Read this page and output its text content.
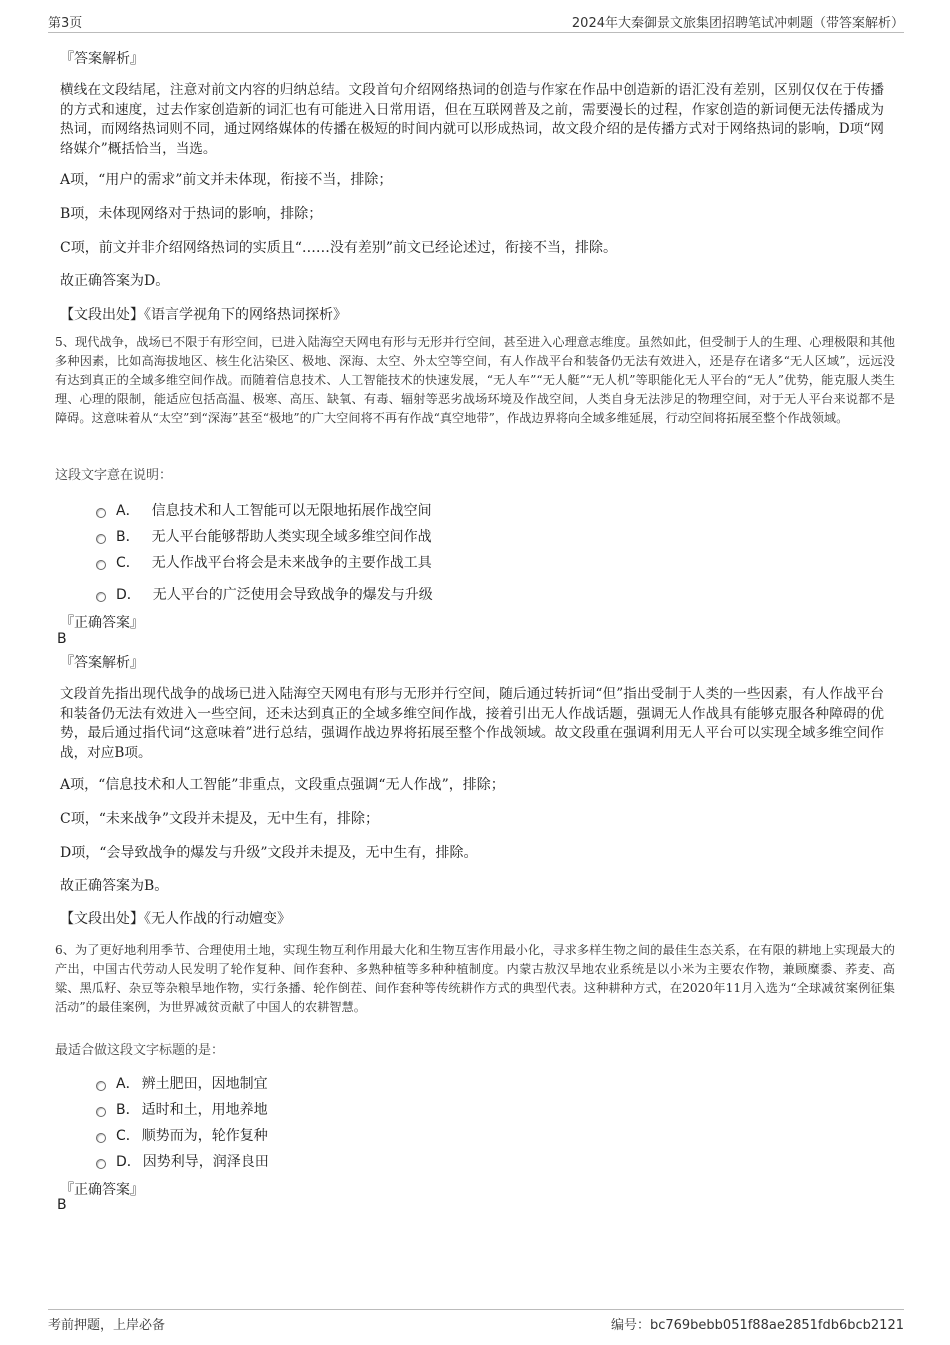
第3页	2024年大秦御景文旅集团招聘笔试冲刺题（带答案解析）
『答案解析』
横线在文段结尾，注意对前文内容的归纳总结。文段首句介绍网络热词的创造与作家在作品中创造新的语汇没有差别，区别仅仅在于传播的方式和速度，过去作家创造新的词汇也有可能进入日常用语，但在互联网普及之前，需要漫长的过程，作家创造的新词便无法传播成为热词，而网络热词则不同，通过网络媒体的传播在极短的时间内就可以形成热词，故文段介绍的是传播方式对于网络热词的影响，D项“网络媒介”概括恰当，当选。
A项，“用户的需求”前文并未体现，衔接不当，排除；
B项，未体现网络对于热词的影响，排除；
C项，前文并非介绍网络热词的实质且“……没有差别”前文已经论述过，衔接不当，排除。
故正确答案为D。
【文段出处】《语言学视角下的网络热词探析》
5、现代战争，战场已不限于有形空间，已进入陆海空天网电有形与无形并行空间，甚至进入心理意志维度。虽然如此，但受制于人的生理、心理极限和其他多种因素，比如高海拔地区、核生化沾染区、极地、深海、太空、外太空等空间，有人作战平台和装备仍无法有效进入，还是存在诸多“无人区域”，远远没有达到真正的全域多维空间作战。而随着信息技术、人工智能技术的快速发展，“无人车”“无人艇”“无人机”等职能化无人平台的“无人”优势，能克服人类生理、心理的限制，能适应包括高温、极寒、高压、缺氧、有毒、辐射等恶劣战场环境及作战空间，人类自身无法涉足的物理空间，对于无人平台来说都不是障碍。这意味着从“太空”到“深海”甚至“极地”的广大空间将不再有作战“真空地带”，作战边界将向全域多维延展，行动空间将拓展至整个作战领域。
这段文字意在说明：
A． 信息技术和人工智能可以无限地拓展作战空间
B． 无人平台能够帮助人类实现全域多维空间作战
C． 无人作战平台将会是未来战争的主要作战工具
D． 无人平台的广泛使用会导致战争的爆发与升级
『正确答案』
B
『答案解析』
文段首先指出现代战争的战场已进入陆海空天网电有形与无形并行空间，随后通过转折词“但”指出受制于人类的一些因素，有人作战平台和装备仍无法有效进入一些空间，还未达到真正的全域多维空间作战，接着引出无人作战话题，强调无人作战具有能够克服各种障碍的优势，最后通过指代词“这意味着”进行总结，强调作战边界将拓展至整个作战领域。故文段重在强调利用无人平台可以实现全域多维空间作战，对应B项。
A项，“信息技术和人工智能”非重点，文段重点强调“无人作战”，排除；
C项，“未来战争”文段并未提及，无中生有，排除；
D项，“会导致战争的爆发与升级”文段并未提及，无中生有，排除。
故正确答案为B。
【文段出处】《无人作战的行动嬗变》
6、为了更好地利用季节、合理使用土地，实现生物互利作用最大化和生物互害作用最小化，寻求多样生物之间的最佳生态关系，在有限的耕地上实现最大的产出，中国古代劳动人民发明了轮作复种、间作套种、多熟种植等多种种植制度。内蒙古敖汉旱地农业系统是以小米为主要农作物，兼顾糜黍、荞麦、高粱、黑瓜籽、杂豆等杂粮旱地作物，实行条播、轮作倒茬、间作套种等传统耕作方式的典型代表。这种耕种方式，在2020年11月入选为“全球减贫案例征集活动”的最佳案例，为世界减贫贡献了中国人的农耕智慧。
最适合做这段文字标题的是：
A． 辨土肥田，因地制宜
B． 适时和土，用地养地
C． 顺势而为，轮作复种
D． 因势利导，润泽良田
『正确答案』
B
考前押题，上岸必备	编号：bc769bebb051f88ae2851fdb6bcb2121
